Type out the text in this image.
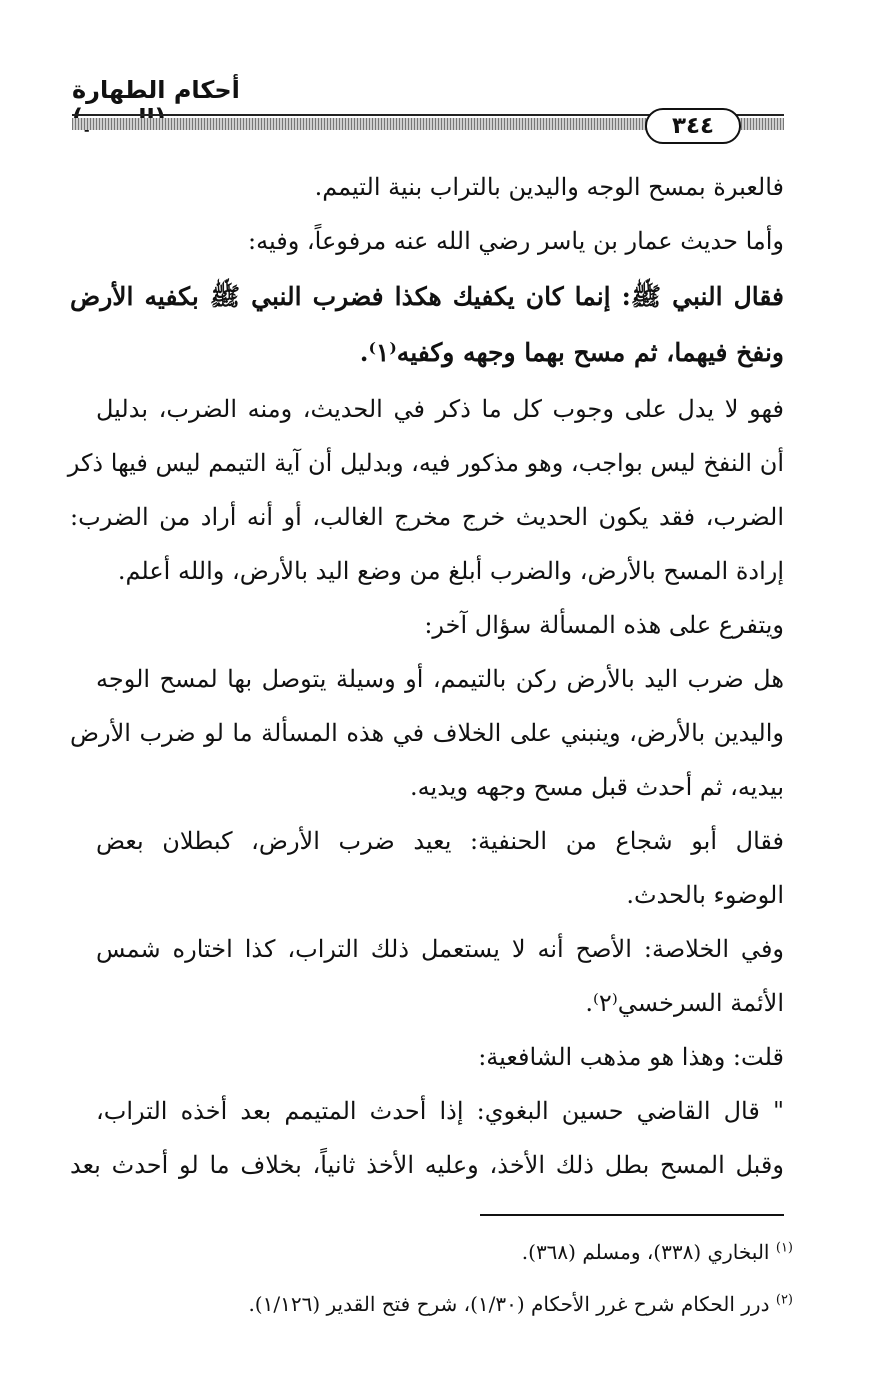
أحكام الطهارة
٣٤٤
فالعبرة بمسح الوجه واليدين بالتراب بنية التيمم.
وأما حديث عمار بن ياسر رضي الله عنه مرفوعاً، وفيه:
فقال النبي ﷺ: إنما كان يكفيك هكذا فضرب النبي ﷺ بكفيه الأرض
ونفخ فيهما، ثم مسح بهما وجهه وكفيه⁽١⁾.
فهو لا يدل على وجوب كل ما ذكر في الحديث، ومنه الضرب، بدليل
أن النفخ ليس بواجب، وهو مذكور فيه، وبدليل أن آية التيمم ليس فيها ذكر
الضرب، فقد يكون الحديث خرج مخرج الغالب، أو أنه أراد من الضرب:
إرادة المسح بالأرض، والضرب أبلغ من وضع اليد بالأرض، والله أعلم.
ويتفرع على هذه المسألة سؤال آخر:
هل ضرب اليد بالأرض ركن بالتيمم، أو وسيلة يتوصل بها لمسح الوجه
واليدين بالأرض، وينبني على الخلاف في هذه المسألة ما لو ضرب الأرض
بيديه، ثم أحدث قبل مسح وجهه ويديه.
فقال أبو شجاع من الحنفية: يعيد ضرب الأرض، كبطلان بعض
الوضوء بالحدث.
وفي الخلاصة: الأصح أنه لا يستعمل ذلك التراب، كذا اختاره شمس
الأئمة السرخسي⁽٢⁾.
قلت: وهذا هو مذهب الشافعية:
" قال القاضي حسين البغوي: إذا أحدث المتيمم بعد أخذه التراب،
وقبل المسح بطل ذلك الأخذ، وعليه الأخذ ثانياً، بخلاف ما لو أحدث بعد
$^{(١)}$ البخاري (٣٣٨)، ومسلم (٣٦٨).
$^{(٢)}$ درر الحكام شرح غرر الأحكام (١/٣٠)، شرح فتح القدير (١/١٢٦).
